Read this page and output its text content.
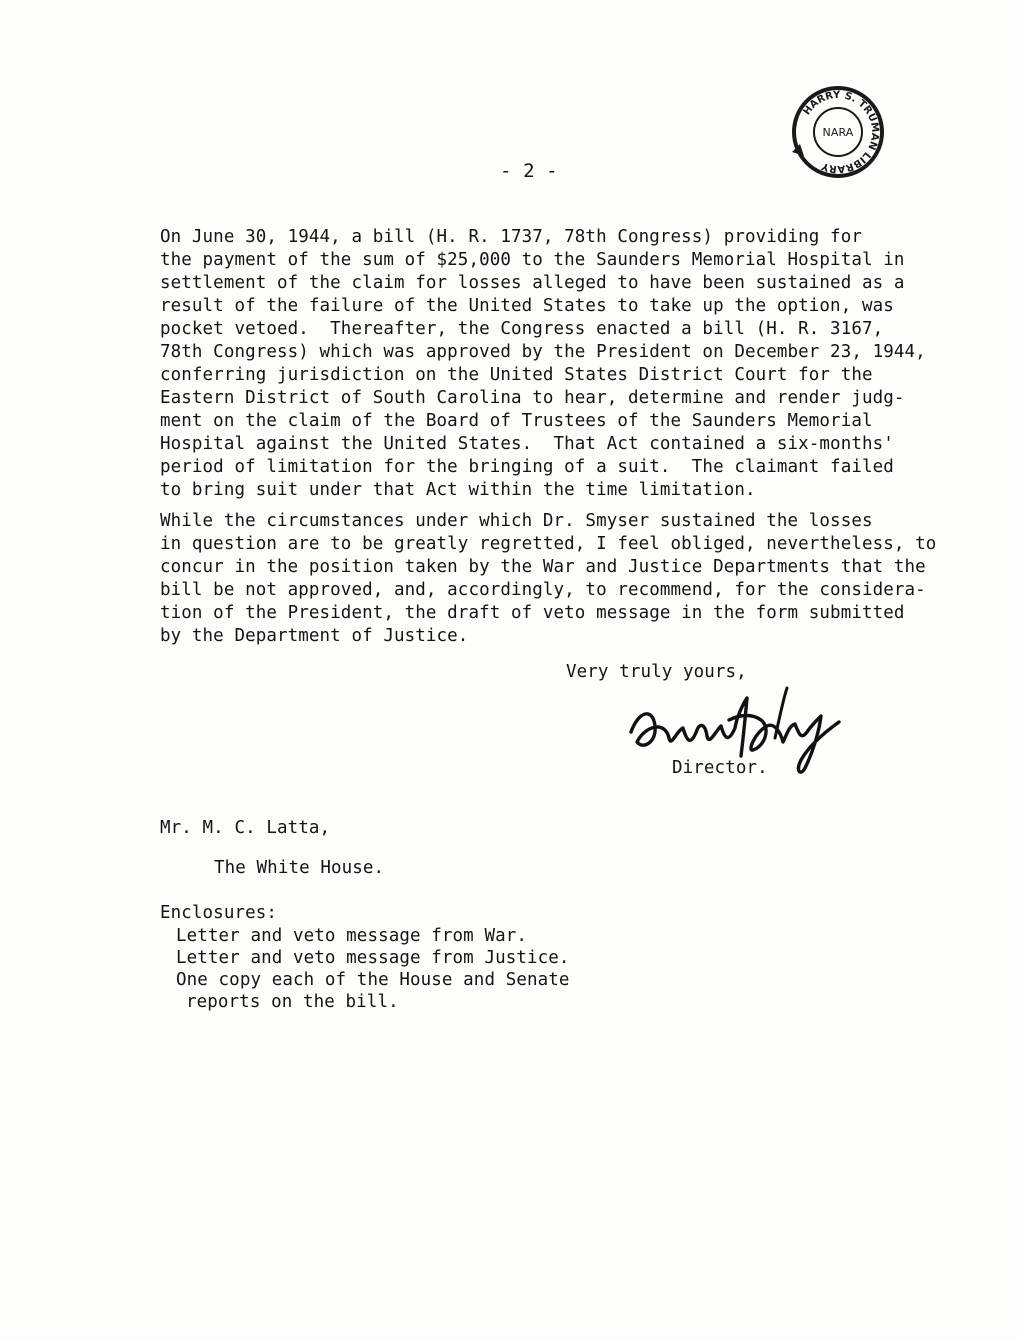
HARRY S. TRUMAN LIBRARY
NARA
- 2 -
On June 30, 1944, a bill (H. R. 1737, 78th Congress) providing for
the payment of the sum of $25,000 to the Saunders Memorial Hospital in
settlement of the claim for losses alleged to have been sustained as a
result of the failure of the United States to take up the option, was
pocket vetoed.  Thereafter, the Congress enacted a bill (H. R. 3167,
78th Congress) which was approved by the President on December 23, 1944,
conferring jurisdiction on the United States District Court for the
Eastern District of South Carolina to hear, determine and render judg-
ment on the claim of the Board of Trustees of the Saunders Memorial
Hospital against the United States.  That Act contained a six-months'
period of limitation for the bringing of a suit.  The claimant failed
to bring suit under that Act within the time limitation.
While the circumstances under which Dr. Smyser sustained the losses
in question are to be greatly regretted, I feel obliged, nevertheless, to
concur in the position taken by the War and Justice Departments that the
bill be not approved, and, accordingly, to recommend, for the considera-
tion of the President, the draft of veto message in the form submitted
by the Department of Justice.
Very truly yours,
Director.
Mr. M. C. Latta,
The White House.
Enclosures:
Letter and veto message from War.
Letter and veto message from Justice.
One copy each of the House and Senate
reports on the bill.
